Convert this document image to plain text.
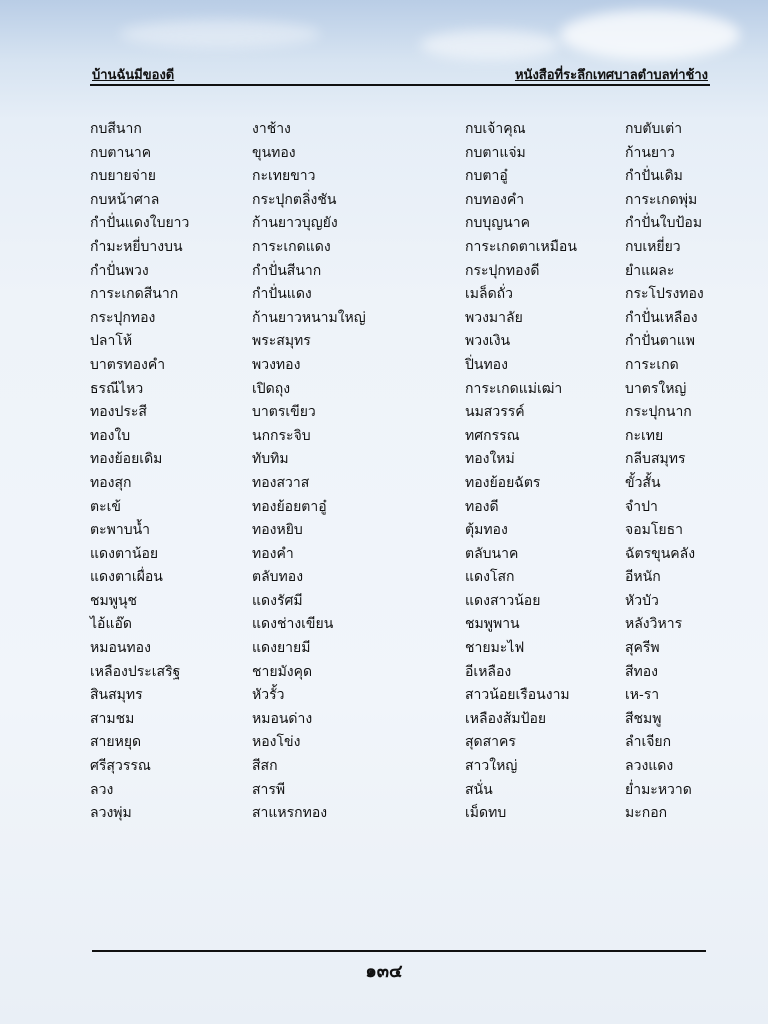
บ้านฉันมีของดี	หนังสือที่ระลึกเทศบาลตำบลท่าช้าง
กบสีนาก
กบตานาค
กบยายจ่าย
กบหน้าศาล
กำปั่นแดงใบยาว
กำมะหยี่บางบน
กำปั่นพวง
การะเกดสีนาก
กระปุกทอง
ปลาโห้
บาตรทองคำ
ธรณีไหว
ทองประสี
ทองใบ
ทองย้อยเดิม
ทองสุก
ตะเข้
ตะพาบน้ำ
แดงตาน้อย
แดงตาเผื่อน
ชมพูนุช
ไอ้แอ๊ด
หมอนทอง
เหลืองประเสริฐ
สินสมุทร
สามชม
สายหยุด
ศรีสุวรรณ
ลวง
ลวงพุ่ม
งาช้าง
ขุนทอง
กะเทยขาว
กระปุกตลิ่งชัน
ก้านยาวบุญยัง
การะเกดแดง
กำปั่นสีนาก
กำปั่นแดง
ก้านยาวหนามใหญ่
พระสมุทร
พวงทอง
เปิดถุง
บาตรเขียว
นกกระจิบ
ทับทิม
ทองสวาส
ทองย้อยตาอู๋
ทองหยิบ
ทองคำ
ตลับทอง
แดงรัศมี
แดงช่างเขียน
แดงยายมี
ชายมังคุด
หัวรั้ว
หมอนด่าง
หองโข่ง
สีสก
สารพี
สาแหรกทอง
กบเจ้าคุณ
กบตาแจ่ม
กบตาอู๋
กบทองคำ
กบบุญนาค
การะเกดตาเหมือน
กระปุกทองดี
เมล็ดถั่ว
พวงมาลัย
พวงเงิน
ปิ่นทอง
การะเกดแม่เฒ่า
นมสวรรค์
ทศกรรณ
ทองใหม่
ทองย้อยฉัตร
ทองดี
ตุ้มทอง
ตลับนาค
แดงโสก
แดงสาวน้อย
ชมพูพาน
ชายมะไฟ
อีเหลือง
สาวน้อยเรือนงาม
เหลืองส้มป้อย
สุดสาคร
สาวใหญ่
สนั่น
เม็ดทบ
กบตับเต่า
ก้านยาว
กำปั่นเดิม
การะเกดพุ่ม
กำปั่นใบป้อม
กบเหยี่ยว
ยำแผละ
กระโปรงทอง
กำปั่นเหลือง
กำปั่นตาแพ
การะเกด
บาตรใหญ่
กระปุกนาก
กะเทย
กลีบสมุทร
ขั้วสั้น
จำปา
จอมโยธา
ฉัตรขุนคลัง
อีหนัก
หัวบัว
หลังวิหาร
สุครีพ
สีทอง
เห-รา
สีชมพู
ลำเจียก
ลวงแดง
ย่ำมะหวาด
มะกอก
๑๓๔
